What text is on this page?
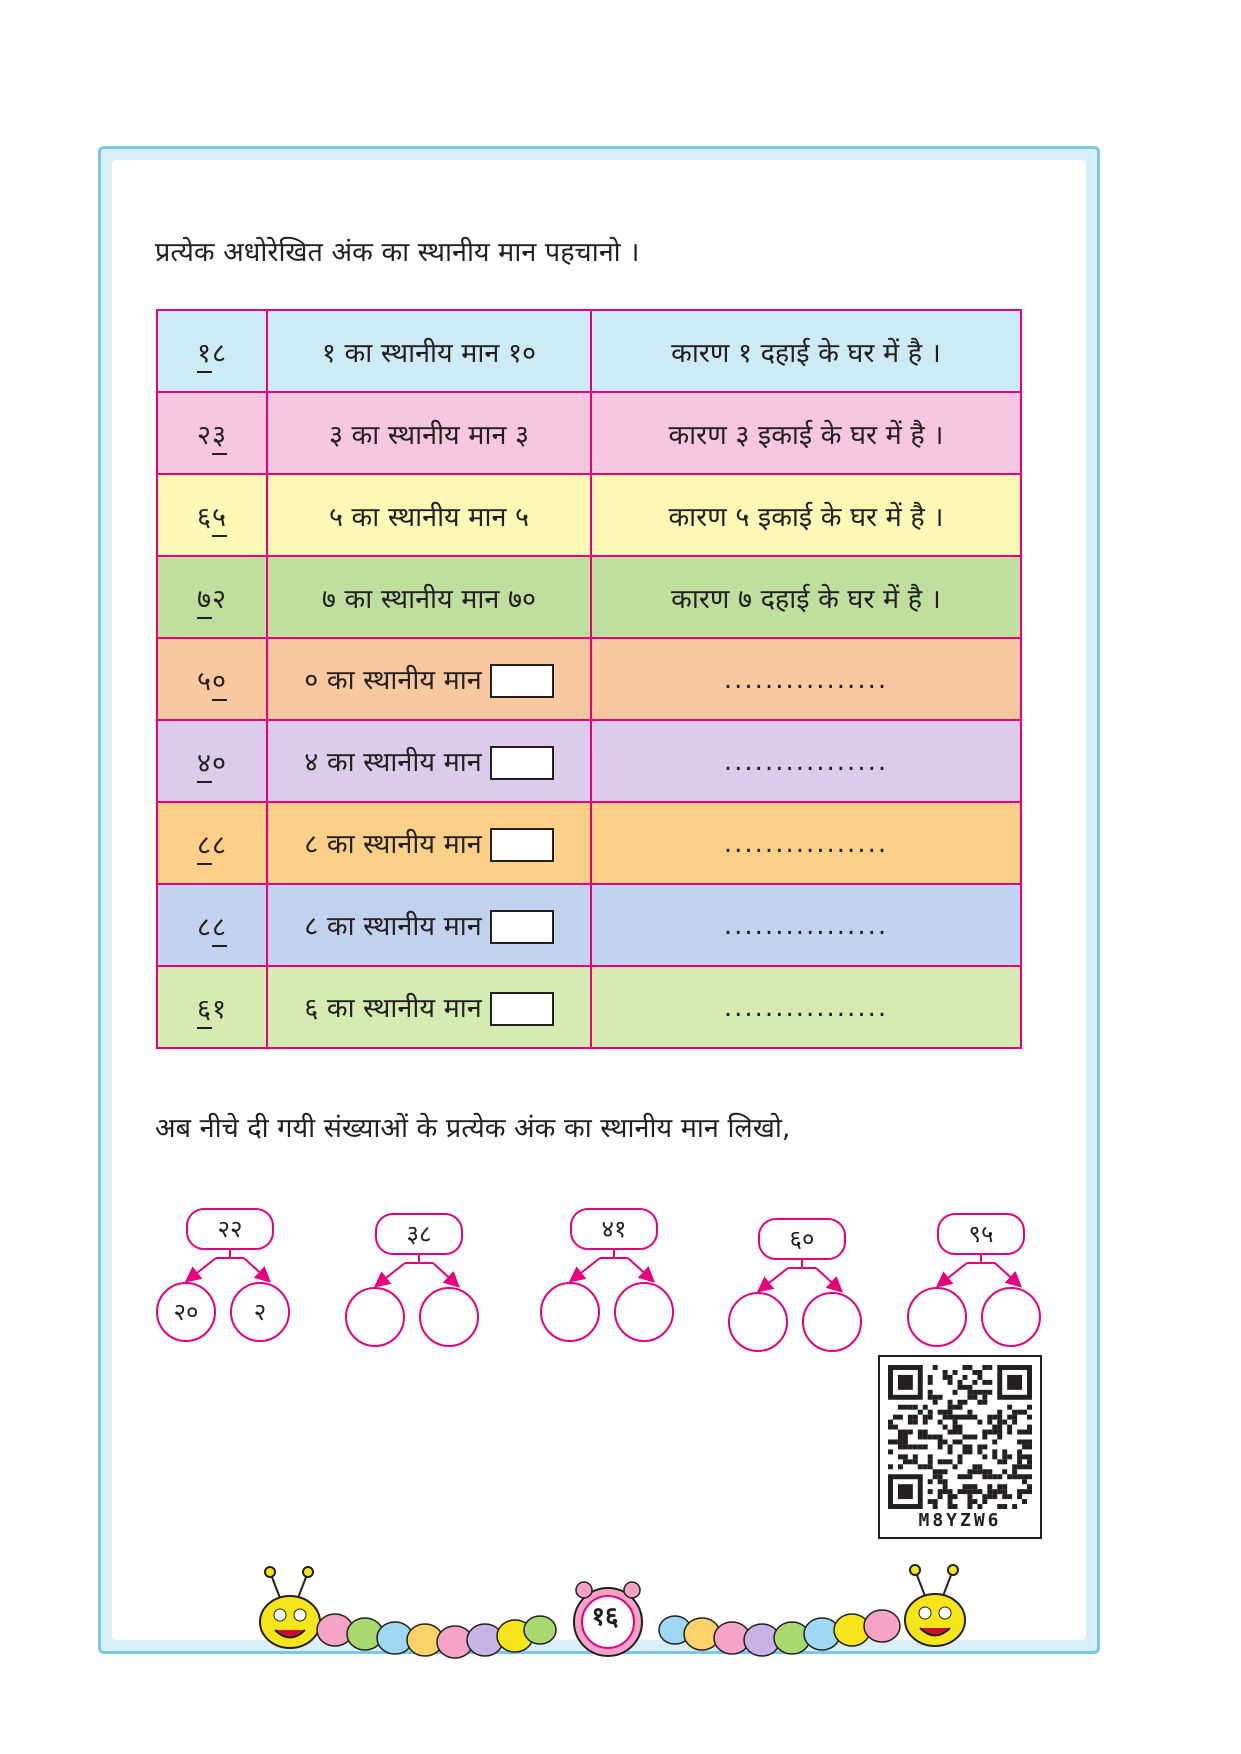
प्रत्येक अधोरेखित अंक का स्थानीय मान पहचानो ।
१८	१ का स्थानीय मान १०	कारण १ दहाई के घर में है ।
२३	३ का स्थानीय मान ३	कारण ३ इकाई के घर में है ।
६५	५ का स्थानीय मान ५	कारण ५ इकाई के घर में है ।
७२	७ का स्थानीय मान ७०	कारण ७ दहाई के घर में है ।
५०	० का स्थानीय मान	................
४०	४ का स्थानीय मान	................
८८	८ का स्थानीय मान	................
८८	८ का स्थानीय मान	................
६१	६ का स्थानीय मान	................
अब नीचे दी गयी संख्याओं के प्रत्येक अंक का स्थानीय मान लिखो,
२२
२०	२
३८	४१	६०	९५
M8YZW6
१६
